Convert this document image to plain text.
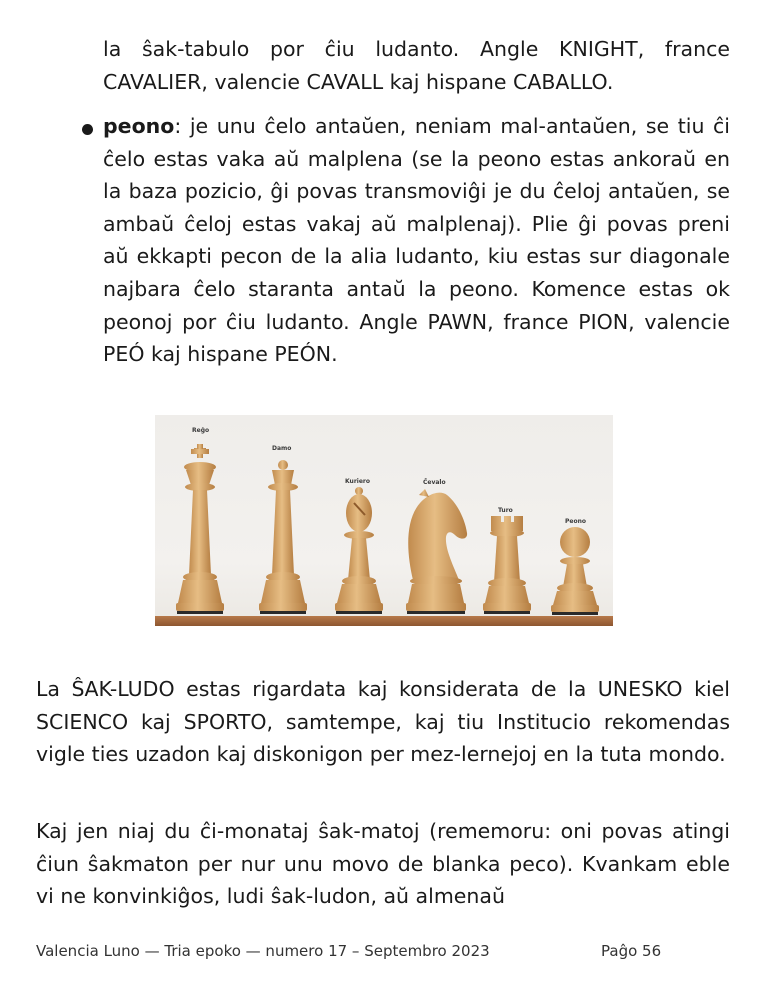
la ŝak-tabulo por ĉiu ludanto. Angle KNIGHT, france CAVALIER, valencie CAVALL kaj hispane CABALLO.

peono: je unu ĉelo antaŭen, neniam mal-antaŭen, se tiu ĉi ĉelo estas vaka aŭ malplena (se la peono estas ankoraŭ en la baza pozicio, ĝi povas transmoviĝi je du ĉeloj antaŭen, se ambaŭ ĉeloj estas vakaj aŭ malplenaj). Plie ĝi povas preni aŭ ekkapti pecon de la alia ludanto, kiu estas sur diagonale najbara ĉelo staranta antaŭ la peono. Komence estas ok peonoj por ĉiu ludanto. Angle PAWN, france PION, valencie PEÓ kaj hispane PEÓN.

Reĝo
Damo
Kuriero	Ĉevalo
Turo
Peono

La ŜAK-LUDO estas rigardata kaj konsiderata de la UNESKO kiel SCIENCO kaj SPORTO, samtempe, kaj tiu Institucio rekomendas vigle ties uzadon kaj diskonigon per mez-lernejoj en la tuta mondo.

Kaj jen niaj du ĉi-monataj ŝak-matoj (rememoru: oni povas atingi ĉiun ŝakmaton per nur unu movo de blanka peco). Kvankam eble vi ne konvinkiĝos, ludi ŝak-ludon, aŭ almenaŭ

Valencia Luno — Tria epoko — numero 17 – Septembro 2023	Paĝo 56
